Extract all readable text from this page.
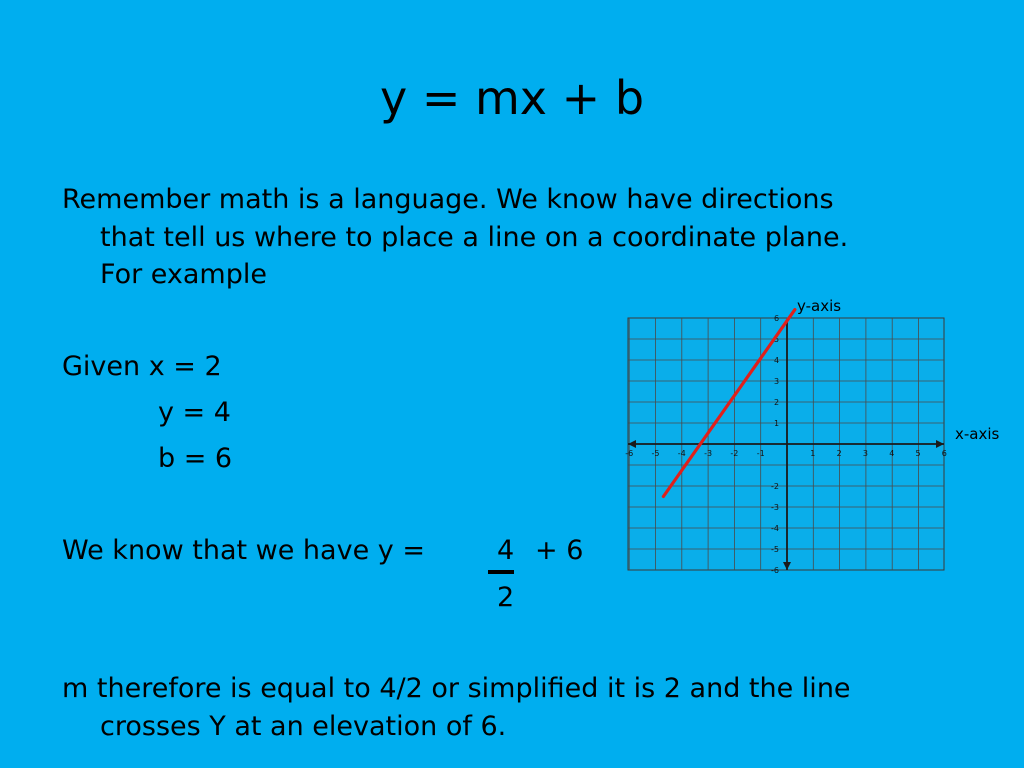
y = mx + b
Remember math is a language. We know have directions
that tell us where to place a line on a coordinate plane.
For example
Given x = 2
y = 4
b = 6
We know that we have y =	4 + 6
2
m therefore is equal to 4/2 or simplified it is 2 and the line
crosses Y at an elevation of 6.
-6 -5 -4 -3 -2 -1	1	2	3	4	5	6
6
5
4
3
2
1
-2
-3
-4
-5
-6
y-axis
x-axis
